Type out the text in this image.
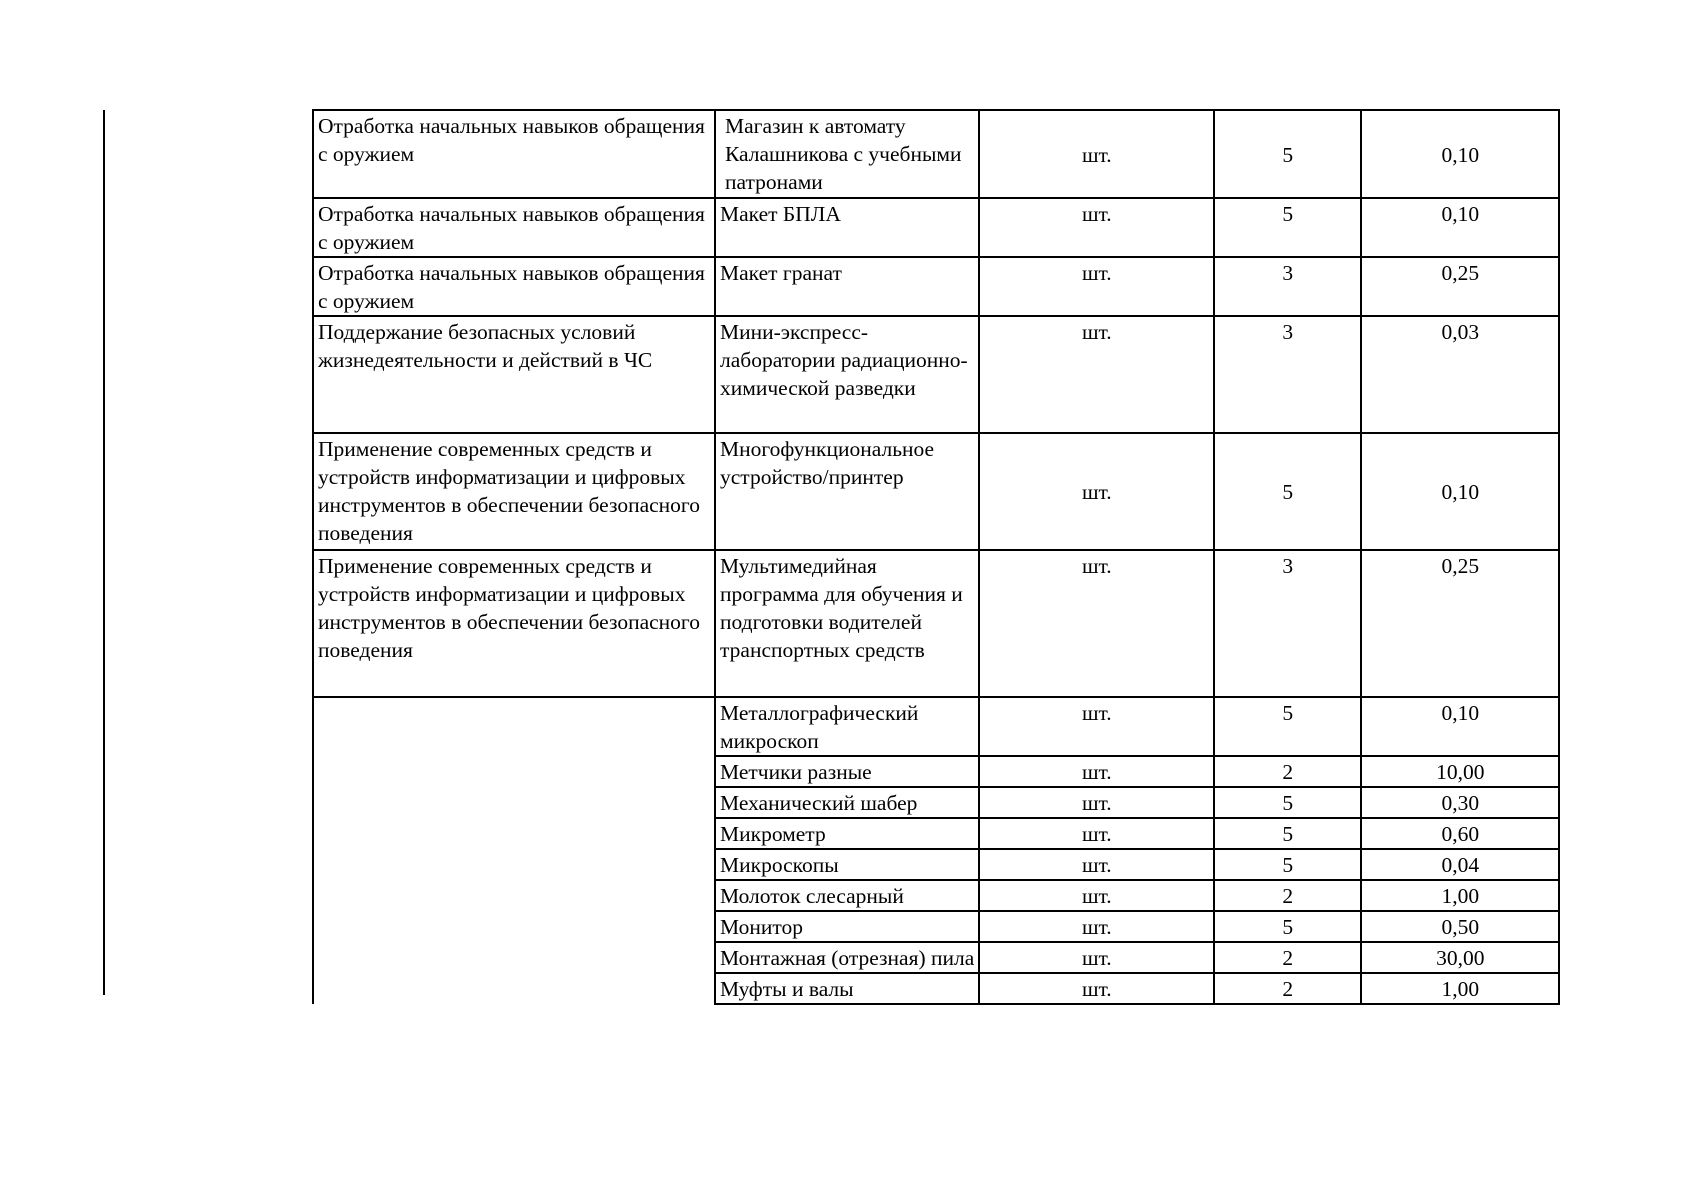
Отработка начальных навыков обращения с оружием	Магазин к автомату Калашникова с учебными патронами	шт.	5	0,10
Отработка начальных навыков обращения с оружием	Макет БПЛА	шт.	5	0,10
Отработка начальных навыков обращения с оружием	Макет гранат	шт.	3	0,25
Поддержание безопасных условий жизнедеятельности и действий в ЧС	Мини-экспресс-лаборатории радиационно-химической разведки	шт.	3	0,03
Применение современных средств и устройств информатизации и цифровых инструментов в обеспечении безопасного поведения	Многофункциональное устройство/принтер	шт.	5	0,10
Применение современных средств и устройств информатизации и цифровых инструментов в обеспечении безопасного поведения	Мультимедийная программа для обучения и подготовки водителей транспортных средств	шт.	3	0,25
	Металлографический микроскоп	шт.	5	0,10
	Метчики разные	шт.	2	10,00
	Механический шабер	шт.	5	0,30
	Микрометр	шт.	5	0,60
	Микроскопы	шт.	5	0,04
	Молоток слесарный	шт.	2	1,00
	Монитор	шт.	5	0,50
	Монтажная (отрезная) пила	шт.	2	30,00
	Муфты и валы	шт.	2	1,00
